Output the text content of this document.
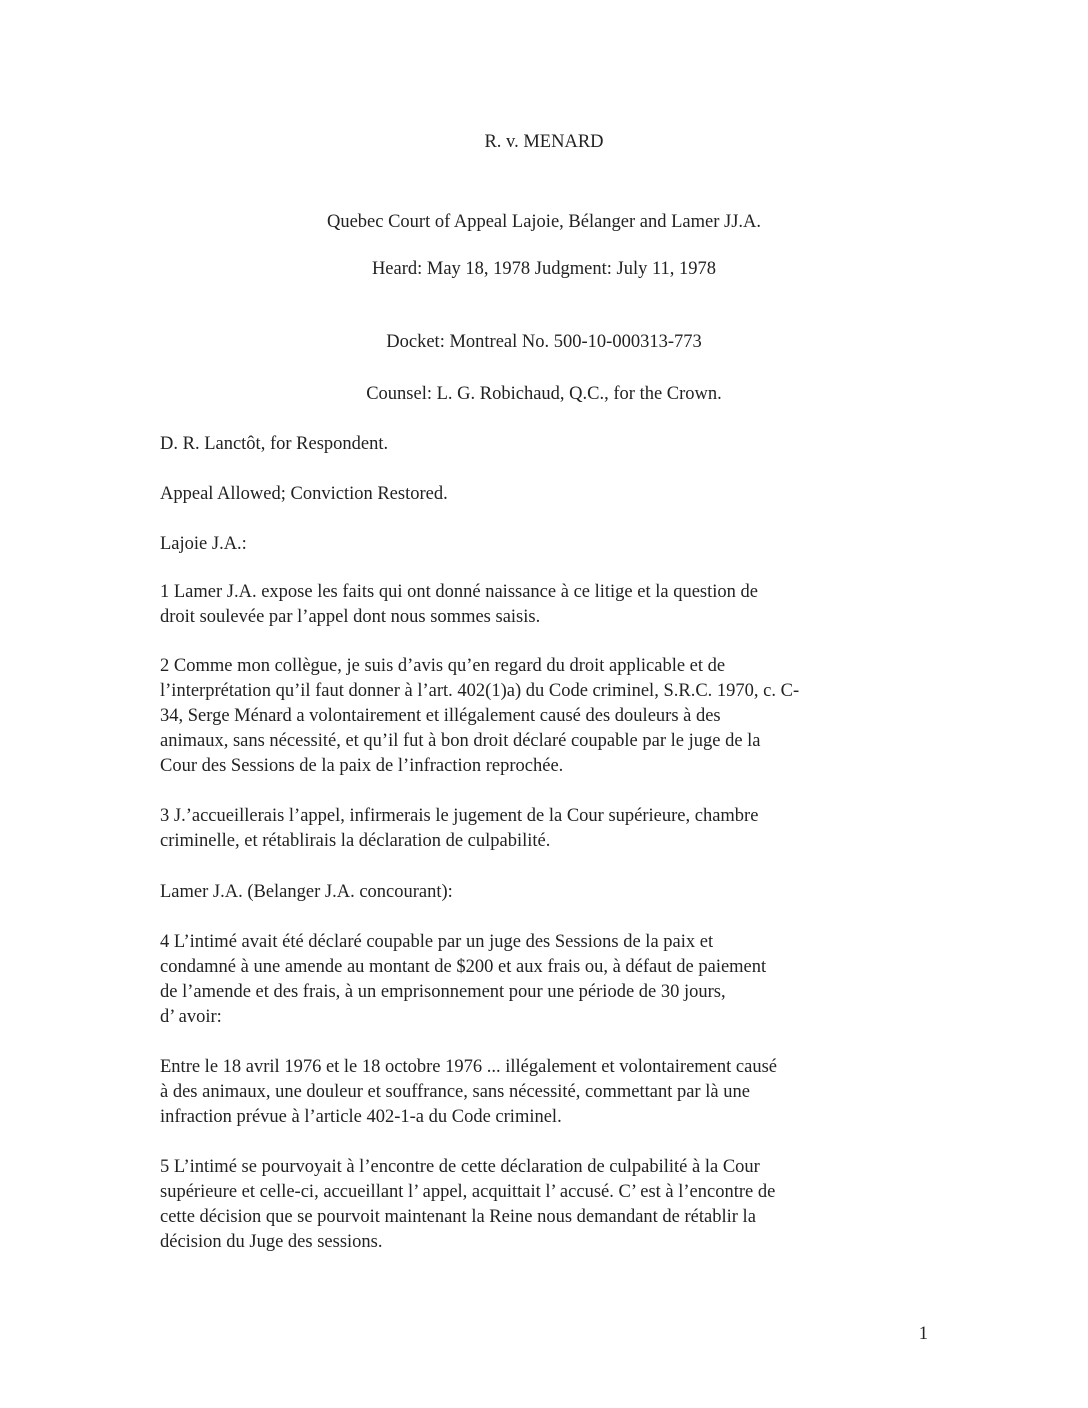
R. v. MENARD
Quebec Court of Appeal Lajoie, Bélanger and Lamer JJ.A.
Heard: May 18, 1978 Judgment: July 11, 1978
Docket: Montreal No. 500-10-000313-773
Counsel: L. G. Robichaud, Q.C., for the Crown.
D. R. Lanctôt, for Respondent.
Appeal Allowed; Conviction Restored.
Lajoie J.A.:
1 Lamer J.A. expose les faits qui ont donné naissance à ce litige et la question de
droit soulevée par l’appel dont nous sommes saisis.
2 Comme mon collègue, je suis d’avis qu’en regard du droit applicable et de
l’interprétation qu’il faut donner à l’art. 402(1)a) du Code criminel, S.R.C. 1970, c. C-
34, Serge Ménard a volontairement et illégalement causé des douleurs à des
animaux, sans nécessité, et qu’il fut à bon droit déclaré coupable par le juge de la
Cour des Sessions de la paix de l’infraction reprochée.
3 J.’accueillerais l’appel, infirmerais le jugement de la Cour supérieure, chambre
criminelle, et rétablirais la déclaration de culpabilité.
Lamer J.A. (Belanger J.A. concourant):
4 L’intimé avait été déclaré coupable par un juge des Sessions de la paix et
condamné à une amende au montant de $200 et aux frais ou, à défaut de paiement
de l’amende et des frais, à un emprisonnement pour une période de 30 jours,
d’ avoir:
Entre le 18 avril 1976 et le 18 octobre 1976 ... illégalement et volontairement causé
à des animaux, une douleur et souffrance, sans nécessité, commettant par là une
infraction prévue à l’article 402-1-a du Code criminel.
5 L’intimé se pourvoyait à l’encontre de cette déclaration de culpabilité à la Cour
supérieure et celle-ci, accueillant l’ appel, acquittait l’ accusé. C’ est à l’encontre de
cette décision que se pourvoit maintenant la Reine nous demandant de rétablir la
décision du Juge des sessions.
1
